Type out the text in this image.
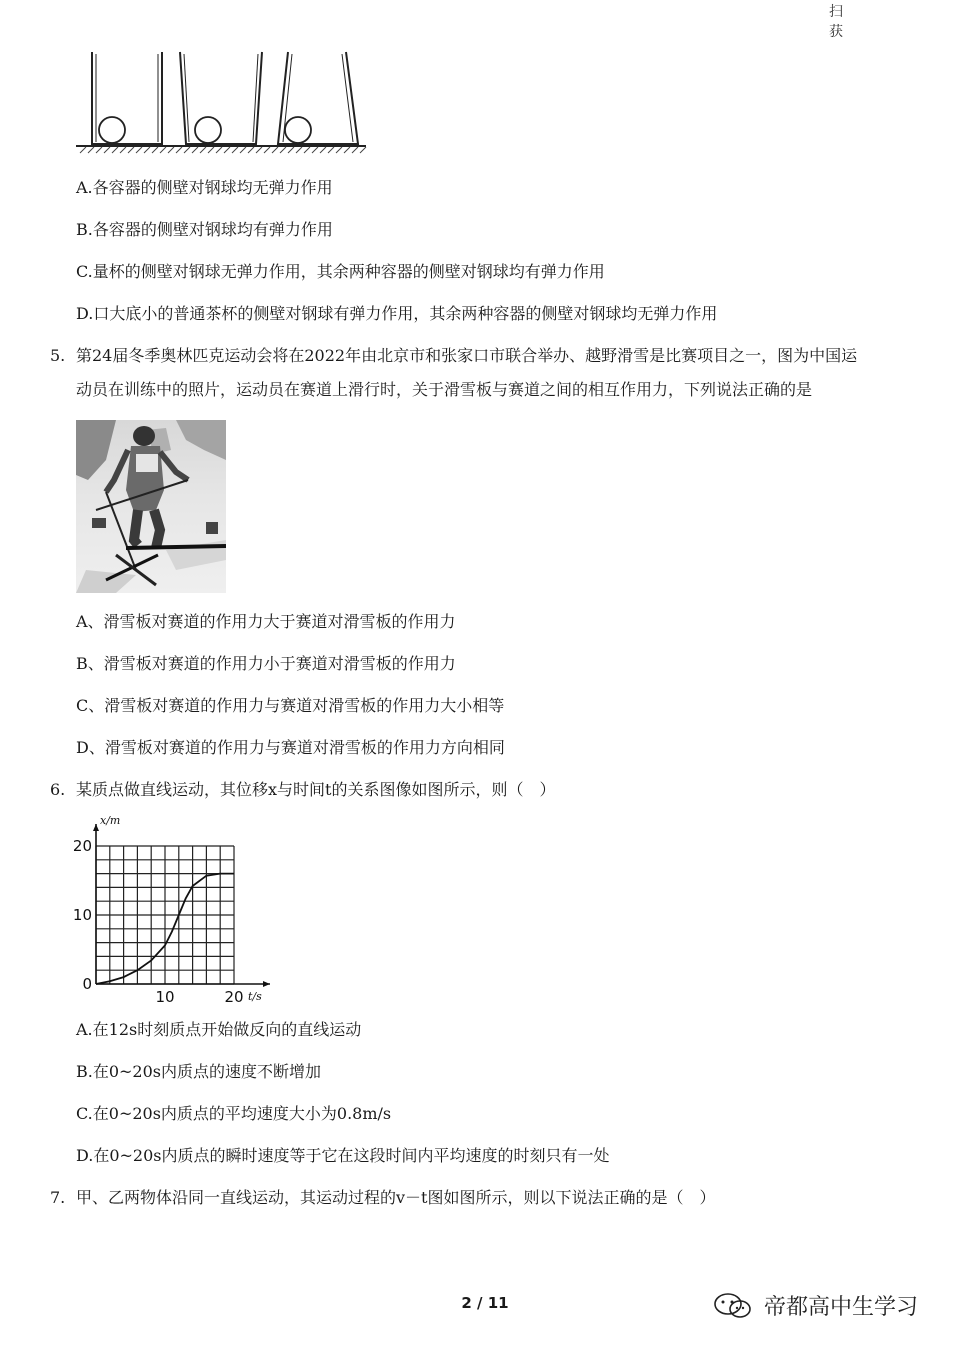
扫
获
A.各容器的侧壁对钢球均无弹力作用
B.各容器的侧壁对钢球均有弹力作用
C.量杯的侧壁对钢球无弹力作用，其余两种容器的侧壁对钢球均有弹力作用
D.口大底小的普通茶杯的侧壁对钢球有弹力作用，其余两种容器的侧壁对钢球均无弹力作用
5. 第24届冬季奥林匹克运动会将在2022年由北京市和张家口市联合举办、越野滑雪是比赛项目之一，图为中国运
动员在训练中的照片，运动员在赛道上滑行时，关于滑雪板与赛道之间的相互作用力，下列说法正确的是
A、滑雪板对赛道的作用力大于赛道对滑雪板的作用力
B、滑雪板对赛道的作用力小于赛道对滑雪板的作用力
C、滑雪板对赛道的作用力与赛道对滑雪板的作用力大小相等
D、滑雪板对赛道的作用力与赛道对滑雪板的作用力方向相同
6. 某质点做直线运动，其位移x与时间t的关系图像如图所示，则（　）
20
10
0
10	20
x/m
t/s
A.在12s时刻质点开始做反向的直线运动
B.在0~20s内质点的速度不断增加
C.在0~20s内质点的平均速度大小为0.8m/s
D.在0~20s内质点的瞬时速度等于它在这段时间内平均速度的时刻只有一处
7. 甲、乙两物体沿同一直线运动，其运动过程的v－t图如图所示，则以下说法正确的是（　）
2 / 11	帝都高中生学习
